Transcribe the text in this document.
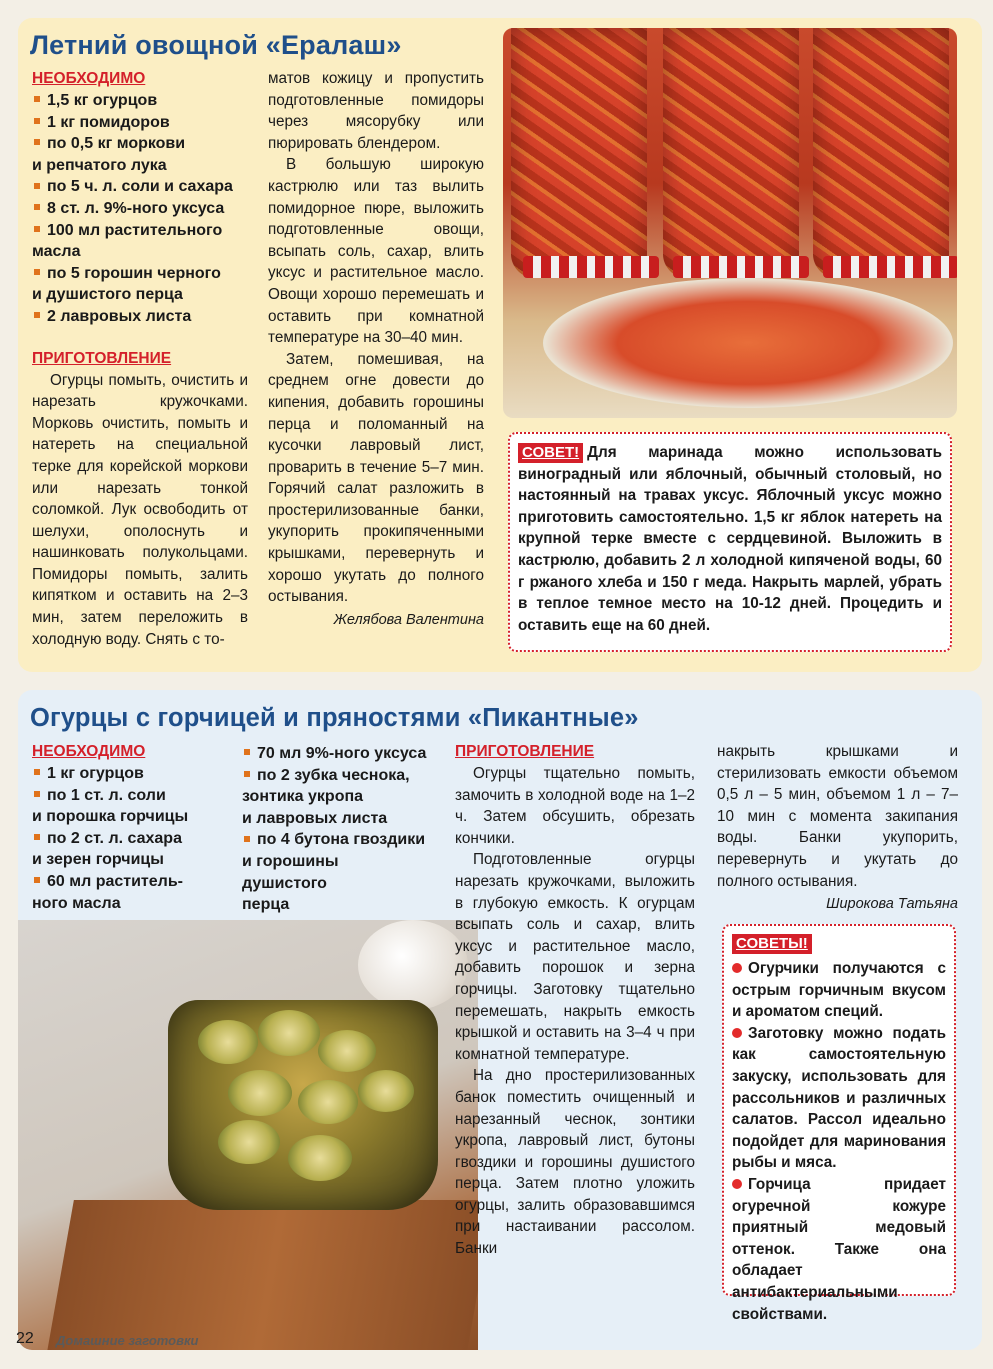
Летний овощной «Ералаш»
НЕОБХОДИМО
1,5 кг огурцов
1 кг помидоров
по 0,5 кг моркови
и репчатого лука
по 5 ч. л. соли и сахара
8 ст. л. 9%-ного уксуса
100 мл растительного
масла
по 5 горошин черного
и душистого перца
2 лавровых листа
ПРИГОТОВЛЕНИЕ

Огурцы помыть, очистить и нарезать кружочками. Морковь очистить, помыть и натереть на специальной терке для корейской моркови или нарезать тонкой соломкой. Лук освободить от шелухи, ополоснуть и нашинковать полукольцами. Помидоры помыть, залить кипятком и оставить на 2–3 мин, затем переложить в холодную воду. Снять с то-

матов кожицу и пропустить подготовленные помидоры через мясорубку или пюрировать блендером.

В большую широкую кастрюлю или таз вылить помидорное пюре, выложить подготовленные овощи, всыпать соль, сахар, влить уксус и растительное масло. Овощи хорошо перемешать и оставить при комнатной температуре на 30–40 мин.

Затем, помешивая, на среднем огне довести до кипения, добавить горошины перца и поломанный на кусочки лавровый лист, проварить в течение 5–7 мин. Горячий салат разложить в простерилизованные банки, укупорить прокипяченными крышками, перевернуть и хорошо укутать до полного остывания.

Желябова Валентина
СОВЕТ! Для маринада можно использовать виноградный или яблочный, обычный столовый, но настоянный на травах уксус. Яблочный уксус можно приготовить самостоятельно. 1,5 кг яблок натереть на крупной терке вместе с сердцевиной. Выложить в кастрюлю, добавить 2 л холодной кипяченой воды, 60 г ржаного хлеба и 150 г меда. Накрыть марлей, убрать в теплое темное место на 10-12 дней. Процедить и оставить еще на 60 дней.
Огурцы с горчицей и пряностями «Пикантные»
НЕОБХОДИМО
1 кг огурцов
по 1 ст. л. соли
и порошка горчицы
по 2 ст. л. сахара
и зерен горчицы
60 мл раститель-
ного масла
70 мл 9%-ного уксуса
по 2 зубка чеснока,
зонтика укропа
и лавровых листа
по 4 бутона гвоздики
и горошины
душистого
перца
ПРИГОТОВЛЕНИЕ

Огурцы тщательно помыть, замочить в холодной воде на 1–2 ч. Затем обсушить, обрезать кончики.

Подготовленные огурцы нарезать кружочками, выложить в глубокую емкость. К огурцам всыпать соль и сахар, влить уксус и растительное масло, добавить порошок и зерна горчицы. Заготовку тщательно перемешать, накрыть емкость крышкой и оставить на 3–4 ч при комнатной температуре.

На дно простерилизованных банок поместить очищенный и нарезанный чеснок, зонтики укропа, лавровый лист, бутоны гвоздики и горошины душистого перца. Затем плотно уложить огурцы, залить образовавшимся при настаивании рассолом. Банки

накрыть крышками и стерилизовать емкости объемом 0,5 л – 5 мин, объемом 1 л – 7–10 мин с момента закипания воды. Банки укупорить, перевернуть и укутать до полного остывания.

Широкова Татьяна
СОВЕТЫ!
Огурчики получаются с острым горчичным вкусом и ароматом специй.
Заготовку можно подать как самостоятельную закуску, использовать для рассольников и различных салатов. Рассол идеально подойдет для маринования рыбы и мяса.
Горчица придает огуречной кожуре приятный медовый оттенок. Также она обладает антибактериальными свойствами.
22 Домашние заготовки
